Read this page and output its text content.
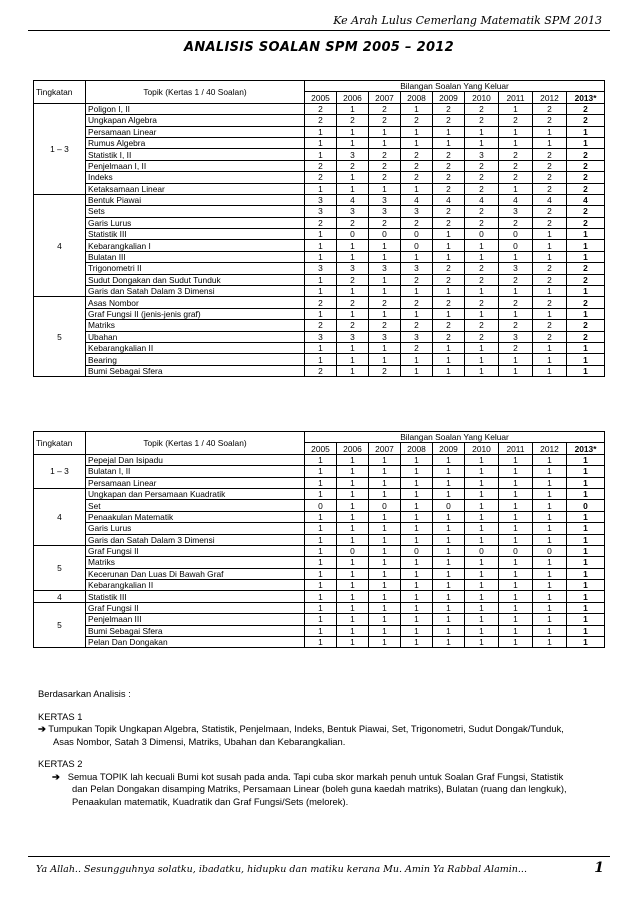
Ke Arah Lulus Cemerlang Matematik SPM 2013
ANALISIS SOALAN SPM 2005 – 2012
Tingkatan	Topik (Kertas 1 / 40 Soalan)	Bilangan Soalan Yang Keluar								
		2005	2006	2007	2008	2009	2010	2011	2012	2013*
1 – 3	Poligon I, II	2	1	2	1	2	2	1	2	2
	Ungkapan Algebra	2	2	2	2	2	2	2	2	2
	Persamaan Linear	1	1	1	1	1	1	1	1	1
	Rumus Algebra	1	1	1	1	1	1	1	1	1
	Statistik I, II	1	3	2	2	2	3	2	2	2
	Penjelmaan I, II	2	2	2	2	2	2	2	2	2
	Indeks	2	1	2	2	2	2	2	2	2
	Ketaksamaan Linear	1	1	1	1	2	2	1	2	2
4	Bentuk Piawai	3	4	3	4	4	4	4	4	4
	Sets	3	3	3	3	2	2	3	2	2
	Garis Lurus	2	2	2	2	2	2	2	2	2
	Statistik III	1	0	0	0	1	0	0	1	1
	Kebarangkalian I	1	1	1	0	1	1	0	1	1
	Bulatan III	1	1	1	1	1	1	1	1	1
	Trigonometri II	3	3	3	3	2	2	3	2	2
	Sudut Dongakan dan Sudut Tunduk	1	2	1	2	2	2	2	2	2
	Garis dan Satah Dalam 3 Dimensi	1	1	1	1	1	1	1	1	1
5	Asas Nombor	2	2	2	2	2	2	2	2	2
	Graf Fungsi II (jenis-jenis graf)	1	1	1	1	1	1	1	1	1
	Matriks	2	2	2	2	2	2	2	2	2
	Ubahan	3	3	3	3	2	2	3	2	2
	Kebarangkalian II	1	1	1	2	1	1	2	1	1
	Bearing	1	1	1	1	1	1	1	1	1
	Bumi Sebagai Sfera	2	1	2	1	1	1	1	1	1
Tingkatan	Topik (Kertas 1 / 40 Soalan)	Bilangan Soalan Yang Keluar								
		2005	2006	2007	2008	2009	2010	2011	2012	2013*
1 – 3	Pepejal Dan Isipadu	1	1	1	1	1	1	1	1	1
	Bulatan I, II	1	1	1	1	1	1	1	1	1
	Persamaan Linear	1	1	1	1	1	1	1	1	1
4	Ungkapan dan Persamaan Kuadratik	1	1	1	1	1	1	1	1	1
	Set	0	1	0	1	0	1	1	1	0
	Penaakulan Matematik	1	1	1	1	1	1	1	1	1
	Garis Lurus	1	1	1	1	1	1	1	1	1
	Garis dan Satah Dalam 3 Dimensi	1	1	1	1	1	1	1	1	1
5	Graf Fungsi II	1	0	1	0	1	0	0	0	1
	Matriks	1	1	1	1	1	1	1	1	1
	Kecerunan Dan Luas Di Bawah Graf	1	1	1	1	1	1	1	1	1
	Kebarangkalian II	1	1	1	1	1	1	1	1	1
4	Statistik III	1	1	1	1	1	1	1	1	1
5	Graf Fungsi II	1	1	1	1	1	1	1	1	1
	Penjelmaan III	1	1	1	1	1	1	1	1	1
	Bumi Sebagai Sfera	1	1	1	1	1	1	1	1	1
	Pelan Dan Dongakan	1	1	1	1	1	1	1	1	1

Berdasarkan Analisis :

KERTAS 1

➔ Tumpukan Topik Ungkapan Algebra, Statistik, Penjelmaan, Indeks, Bentuk Piawai, Set, Trigonometri, Sudut Dongak/Tunduk,

Asas Nombor, Satah 3 Dimensi, Matriks, Ubahan dan Kebarangkalian.

KERTAS 2

➔ Semua TOPIK lah kecuali Bumi kot susah pada anda. Tapi cuba skor markah penuh untuk Soalan Graf Fungsi, Statistik

dan Pelan Dongakan disamping Matriks, Persamaan Linear (boleh guna kaedah matriks), Bulatan (ruang dan lengkuk),

Penaakulan matematik, Kuadratik dan Graf Fungsi/Sets (melorek).

Ya Allah.. Sesungguhnya solatku, ibadatku, hidupku dan matiku kerana Mu. Amin Ya Rabbal Alamin...	1
